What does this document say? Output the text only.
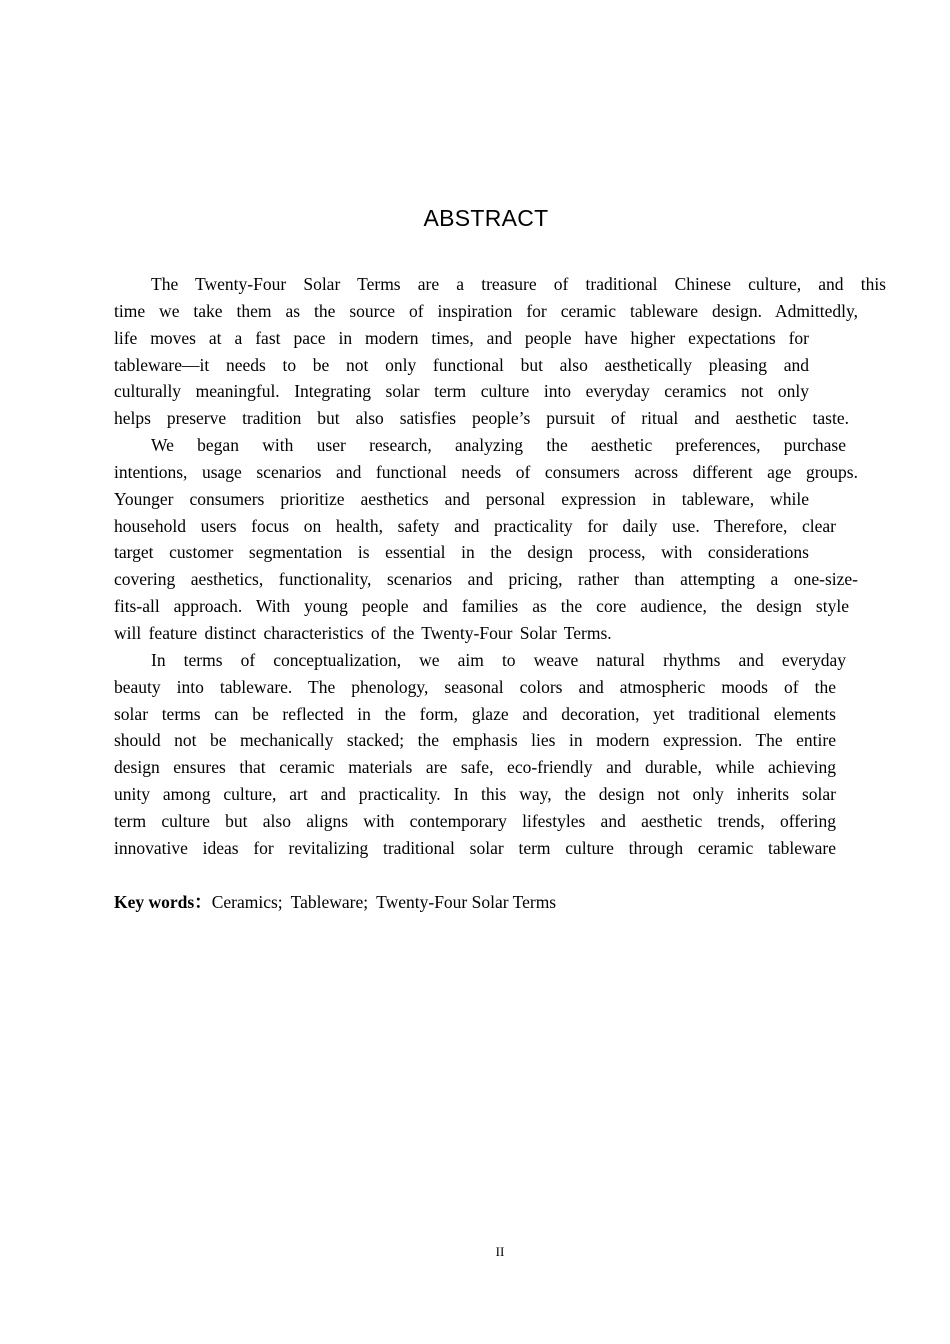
ABSTRACT
The Twenty-Four Solar Terms are a treasure of traditional Chinese culture, and this
time we take them as the source of inspiration for ceramic tableware design. Admittedly,
life moves at a fast pace in modern times, and people have higher expectations for
tableware—it needs to be not only functional but also aesthetically pleasing and
culturally meaningful. Integrating solar term culture into everyday ceramics not only
helps preserve tradition but also satisfies people’s pursuit of ritual and aesthetic taste.
We began with user research, analyzing the aesthetic preferences, purchase
intentions, usage scenarios and functional needs of consumers across different age groups.
Younger consumers prioritize aesthetics and personal expression in tableware, while
household users focus on health, safety and practicality for daily use. Therefore, clear
target customer segmentation is essential in the design process, with considerations
covering aesthetics, functionality, scenarios and pricing, rather than attempting a one-size-
fits-all approach. With young people and families as the core audience, the design style
will feature distinct characteristics of the Twenty-Four Solar Terms.
In terms of conceptualization, we aim to weave natural rhythms and everyday
beauty into tableware. The phenology, seasonal colors and atmospheric moods of the
solar terms can be reflected in the form, glaze and decoration, yet traditional elements
should not be mechanically stacked; the emphasis lies in modern expression. The entire
design ensures that ceramic materials are safe, eco-friendly and durable, while achieving
unity among culture, art and practicality. In this way, the design not only inherits solar
term culture but also aligns with contemporary lifestyles and aesthetic trends, offering
innovative ideas for revitalizing traditional solar term culture through ceramic tableware
Key words：Ceramics; Tableware; Twenty-Four Solar Terms
II
